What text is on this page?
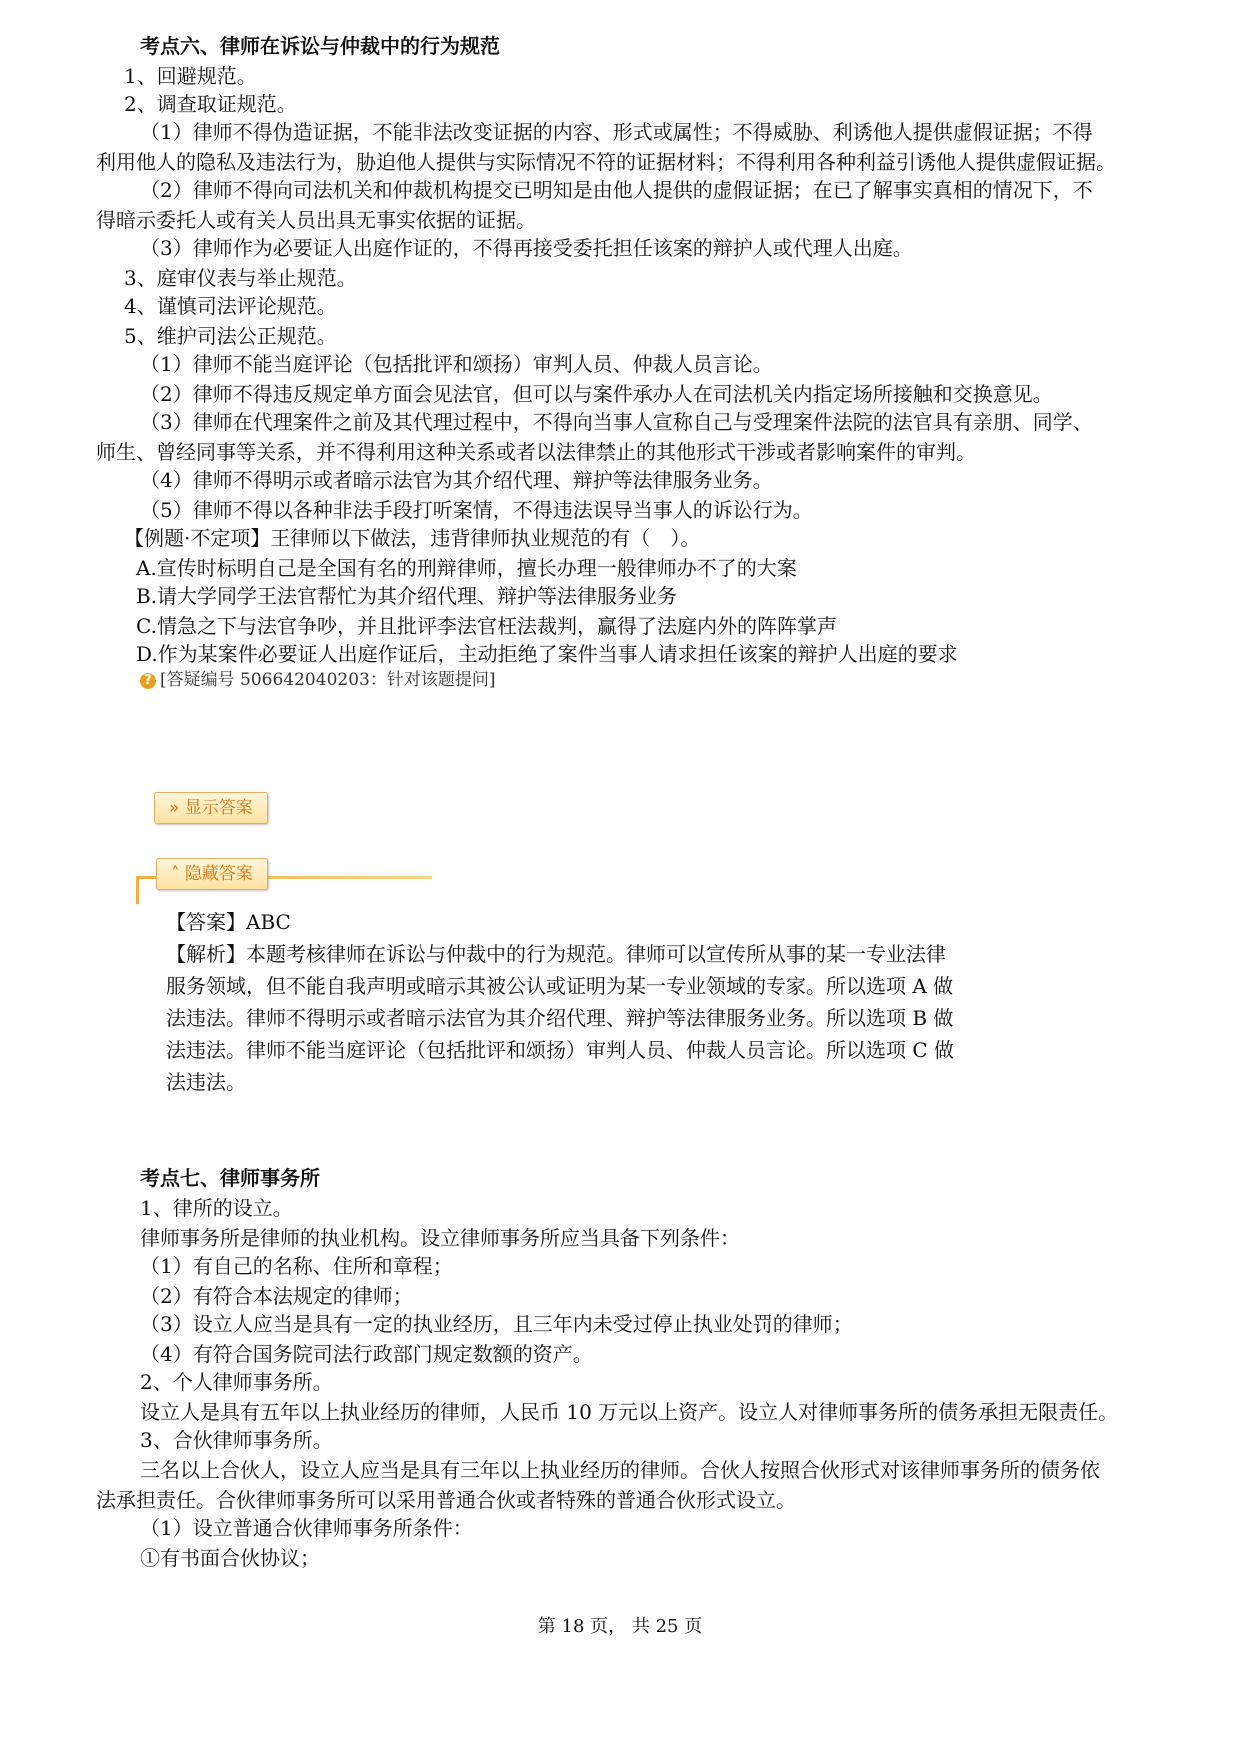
考点六、律师在诉讼与仲裁中的行为规范
1、回避规范。
2、调查取证规范。
（1）律师不得伪造证据，不能非法改变证据的内容、形式或属性；不得威胁、利诱他人提供虚假证据；不得
利用他人的隐私及违法行为，胁迫他人提供与实际情况不符的证据材料；不得利用各种利益引诱他人提供虚假证据。
（2）律师不得向司法机关和仲裁机构提交已明知是由他人提供的虚假证据；在已了解事实真相的情况下，不
得暗示委托人或有关人员出具无事实依据的证据。
（3）律师作为必要证人出庭作证的，不得再接受委托担任该案的辩护人或代理人出庭。
3、庭审仪表与举止规范。
4、谨慎司法评论规范。
5、维护司法公正规范。
（1）律师不能当庭评论（包括批评和颂扬）审判人员、仲裁人员言论。
（2）律师不得违反规定单方面会见法官，但可以与案件承办人在司法机关内指定场所接触和交换意见。
（3）律师在代理案件之前及其代理过程中，不得向当事人宣称自己与受理案件法院的法官具有亲朋、同学、
师生、曾经同事等关系，并不得利用这种关系或者以法律禁止的其他形式干涉或者影响案件的审判。
（4）律师不得明示或者暗示法官为其介绍代理、辩护等法律服务业务。
（5）律师不得以各种非法手段打听案情，不得违法误导当事人的诉讼行为。
【例题·不定项】王律师以下做法，违背律师执业规范的有（　）。
A.宣传时标明自己是全国有名的刑辩律师，擅长办理一般律师办不了的大案
B.请大学同学王法官帮忙为其介绍代理、辩护等法律服务业务
C.情急之下与法官争吵，并且批评李法官枉法裁判，赢得了法庭内外的阵阵掌声
D.作为某案件必要证人出庭作证后，主动拒绝了案件当事人请求担任该案的辩护人出庭的要求
? [答疑编号 506642040203：针对该题提问]
» 显示答案
˄ 隐藏答案
【答案】ABC
【解析】本题考核律师在诉讼与仲裁中的行为规范。律师可以宣传所从事的某一专业法律
服务领域，但不能自我声明或暗示其被公认或证明为某一专业领域的专家。所以选项 A 做
法违法。律师不得明示或者暗示法官为其介绍代理、辩护等法律服务业务。所以选项 B 做
法违法。律师不能当庭评论（包括批评和颂扬）审判人员、仲裁人员言论。所以选项 C 做
法违法。
考点七、律师事务所
1、律所的设立。
律师事务所是律师的执业机构。设立律师事务所应当具备下列条件：
（1）有自己的名称、住所和章程；
（2）有符合本法规定的律师；
（3）设立人应当是具有一定的执业经历，且三年内未受过停止执业处罚的律师；
（4）有符合国务院司法行政部门规定数额的资产。
2、个人律师事务所。
设立人是具有五年以上执业经历的律师，人民币 10 万元以上资产。设立人对律师事务所的债务承担无限责任。
3、合伙律师事务所。
三名以上合伙人，设立人应当是具有三年以上执业经历的律师。合伙人按照合伙形式对该律师事务所的债务依
法承担责任。合伙律师事务所可以采用普通合伙或者特殊的普通合伙形式设立。
（1）设立普通合伙律师事务所条件：
①有书面合伙协议；
第 18 页， 共 25 页
